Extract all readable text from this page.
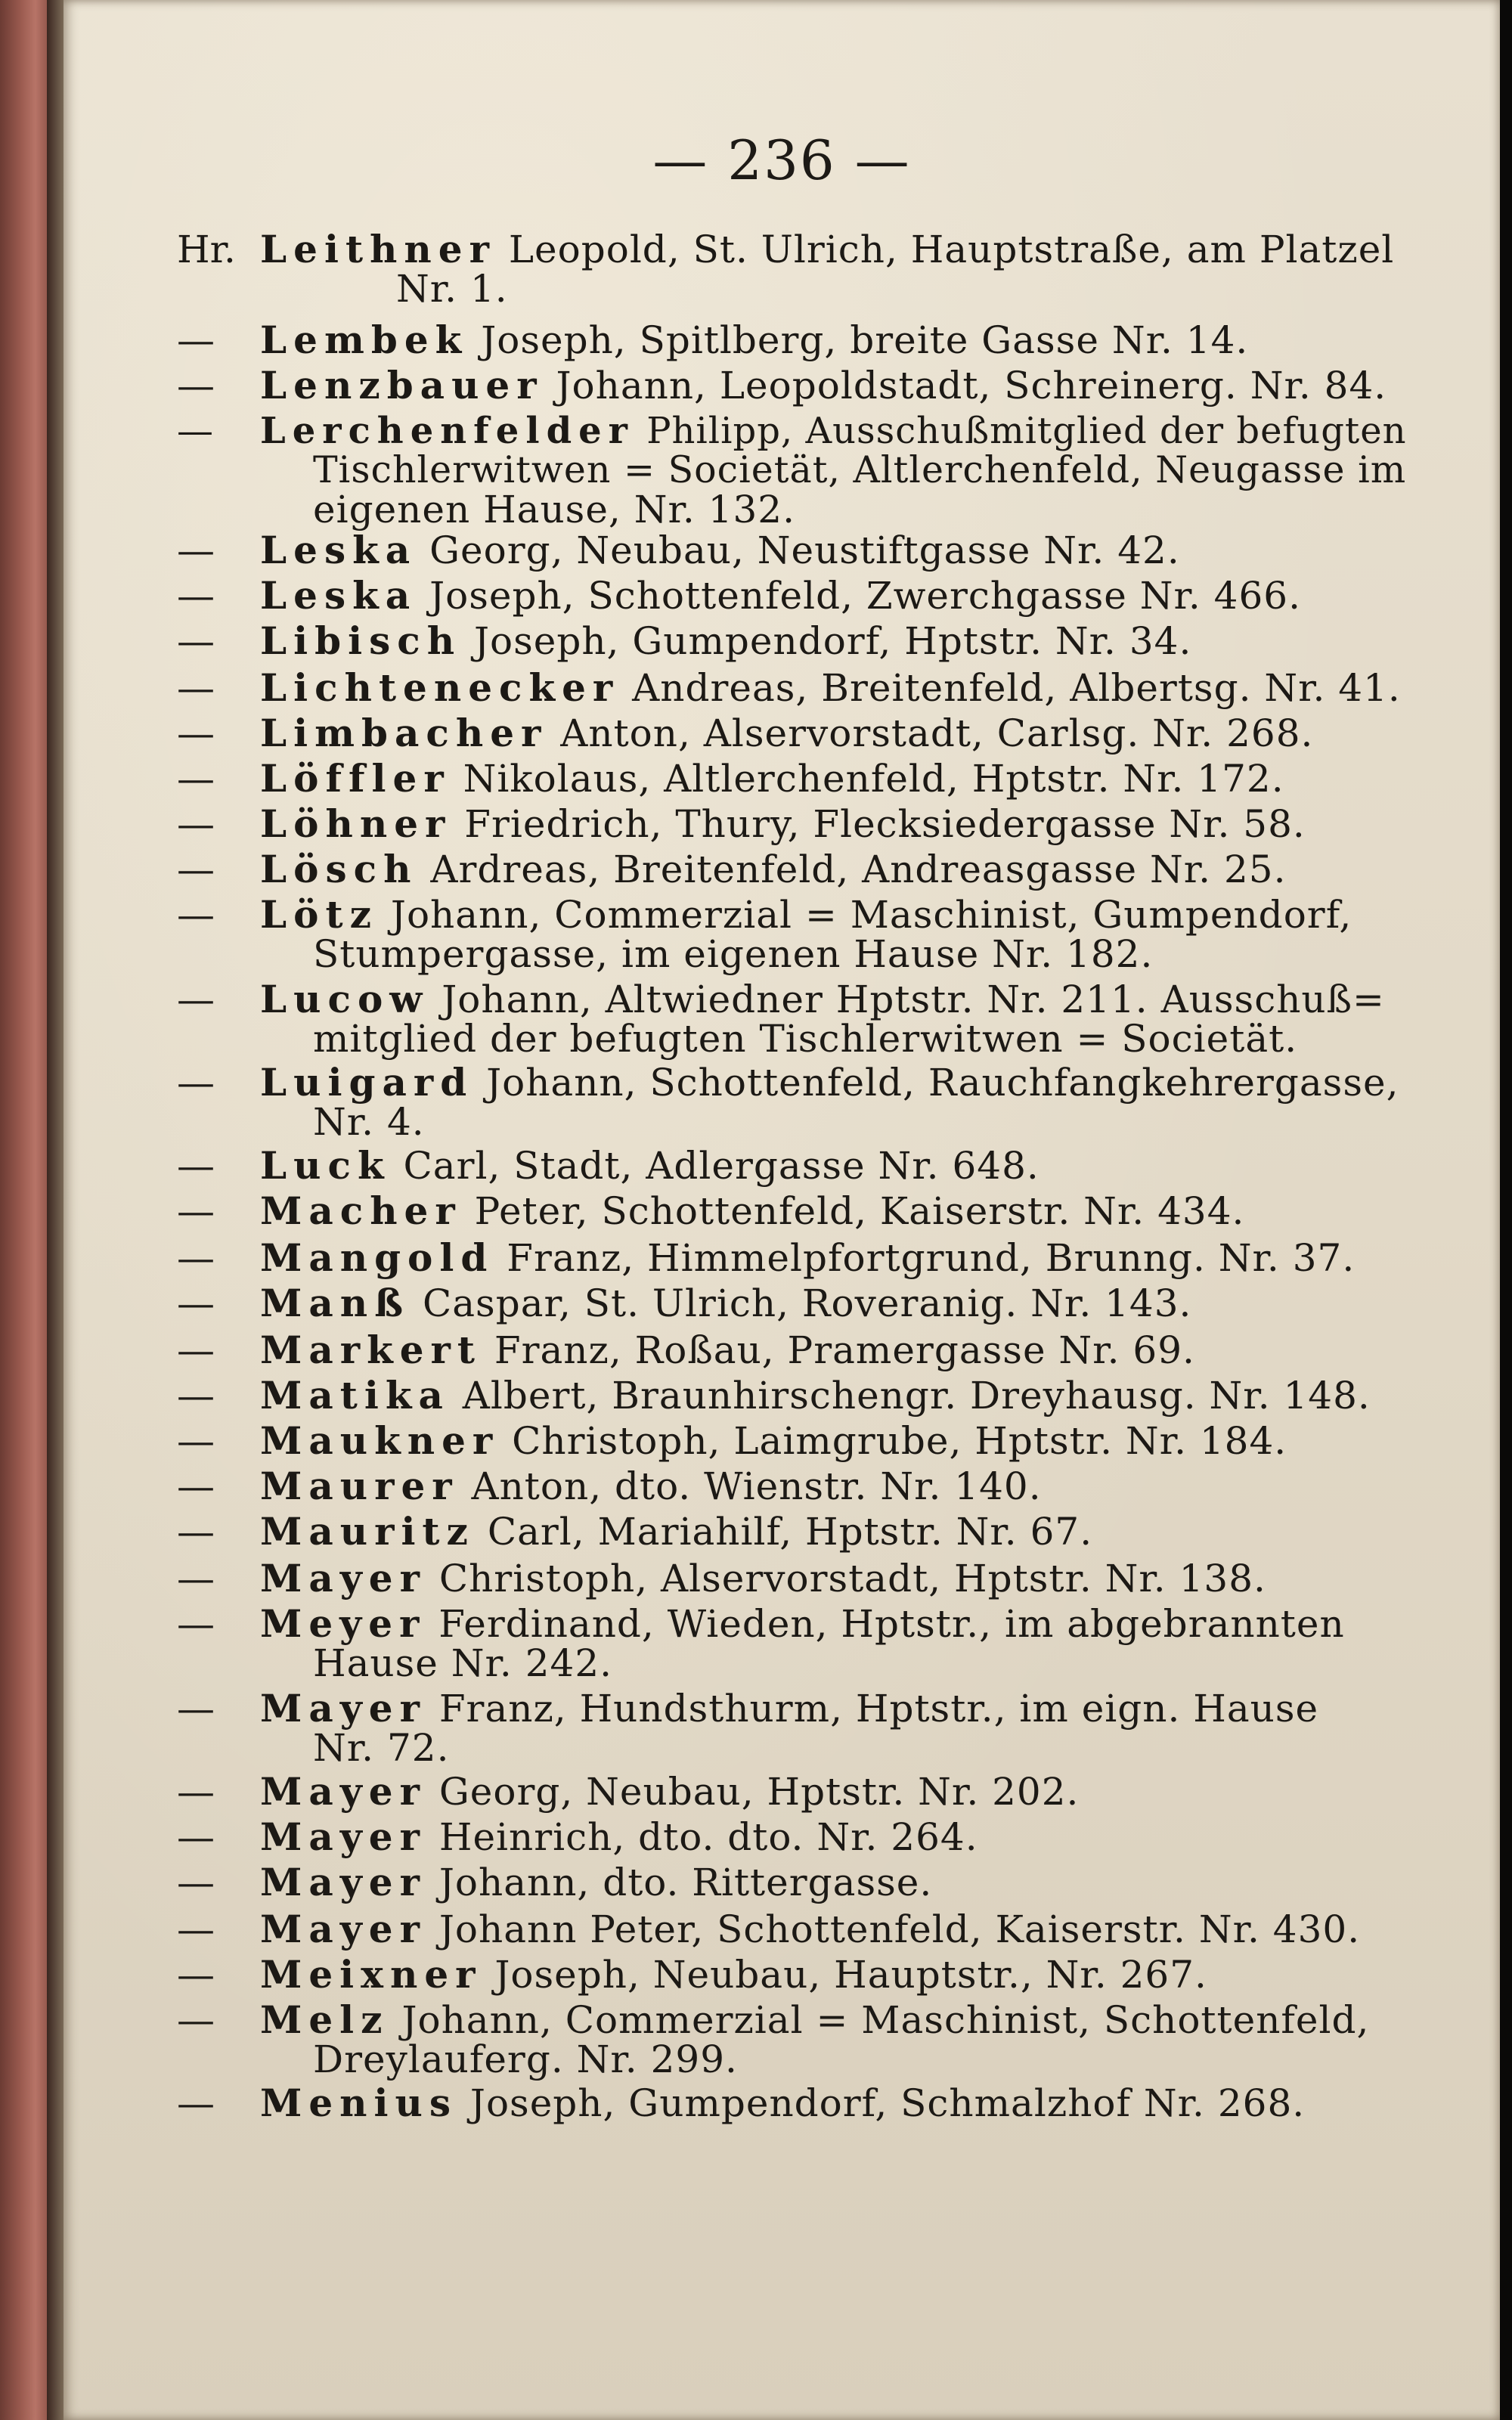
— 236 —
Hr. Leithner Leopold, St. Ulrich, Hauptstraße, am Platzel
Nr. 1.
— Lembek Joseph, Spitlberg, breite Gasse Nr. 14.
— Lenzbauer Johann, Leopoldstadt, Schreinerg. Nr. 84.
— Lerchenfelder Philipp, Ausschußmitglied der befugten
Tischlerwitwen = Societät, Altlerchenfeld, Neugasse im
eigenen Hause, Nr. 132.
— Leska Georg, Neubau, Neustiftgasse Nr. 42.
— Leska Joseph, Schottenfeld, Zwerchgasse Nr. 466.
— Libisch Joseph, Gumpendorf, Hptstr. Nr. 34.
— Lichtenecker Andreas, Breitenfeld, Albertsg. Nr. 41.
— Limbacher Anton, Alservorstadt, Carlsg. Nr. 268.
— Löffler Nikolaus, Altlerchenfeld, Hptstr. Nr. 172.
— Löhner Friedrich, Thury, Flecksiedergasse Nr. 58.
— Lösch Ardreas, Breitenfeld, Andreasgasse Nr. 25.
— Lötz Johann, Commerzial = Maschinist, Gumpendorf,
Stumpergasse, im eigenen Hause Nr. 182.
— Lucow Johann, Altwiedner Hptstr. Nr. 211. Ausschuß=
mitglied der befugten Tischlerwitwen = Societät.
— Luigard Johann, Schottenfeld, Rauchfangkehrergasse,
Nr. 4.
— Luck Carl, Stadt, Adlergasse Nr. 648.
— Macher Peter, Schottenfeld, Kaiserstr. Nr. 434.
— Mangold Franz, Himmelpfortgrund, Brunng. Nr. 37.
— Manß Caspar, St. Ulrich, Roveranig. Nr. 143.
— Markert Franz, Roßau, Pramergasse Nr. 69.
— Matika Albert, Braunhirschengr. Dreyhausg. Nr. 148.
— Maukner Christoph, Laimgrube, Hptstr. Nr. 184.
— Maurer Anton, dto. Wienstr. Nr. 140.
— Mauritz Carl, Mariahilf, Hptstr. Nr. 67.
— Mayer Christoph, Alservorstadt, Hptstr. Nr. 138.
— Meyer Ferdinand, Wieden, Hptstr., im abgebrannten
Hause Nr. 242.
— Mayer Franz, Hundsthurm, Hptstr., im eign. Hause
Nr. 72.
— Mayer Georg, Neubau, Hptstr. Nr. 202.
— Mayer Heinrich, dto. dto. Nr. 264.
— Mayer Johann, dto. Rittergasse.
— Mayer Johann Peter, Schottenfeld, Kaiserstr. Nr. 430.
— Meixner Joseph, Neubau, Hauptstr., Nr. 267.
— Melz Johann, Commerzial = Maschinist, Schottenfeld,
Dreylauferg. Nr. 299.
— Menius Joseph, Gumpendorf, Schmalzhof Nr. 268.
